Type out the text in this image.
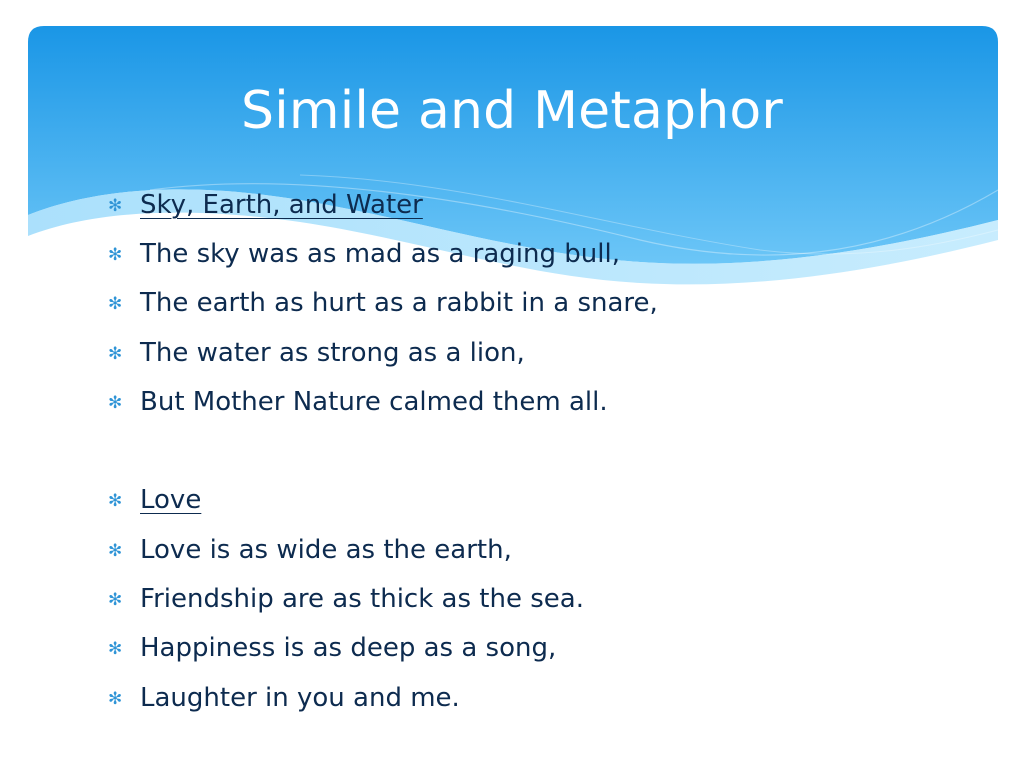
Simile and Metaphor
✻ Sky, Earth, and Water
✻ The sky was as mad as a raging bull,
✻ The earth as hurt as a rabbit in a snare,
✻ The water as strong as a lion,
✻ But Mother Nature calmed them all.
✻ Love
✻ Love is as wide as the earth,
✻ Friendship are as thick as the sea.
✻ Happiness is as deep as a song,
✻ Laughter in you and me.
